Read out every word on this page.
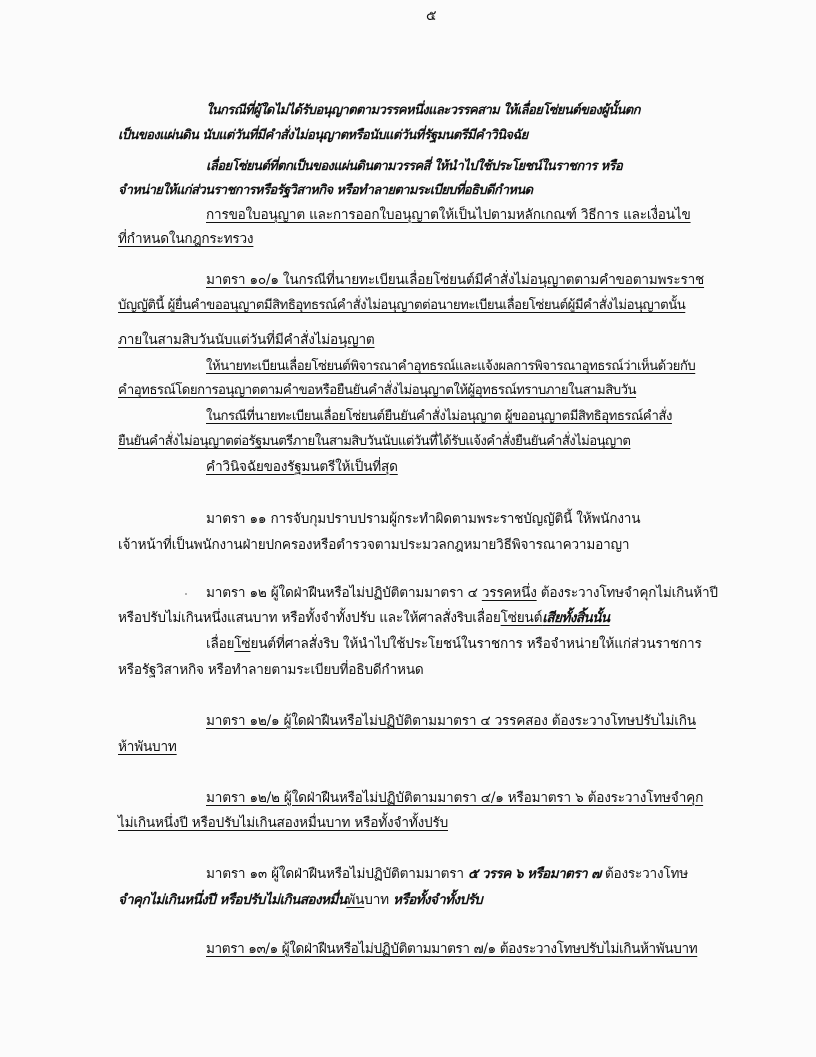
๕
ในกรณีที่ผู้ใดไม่ได้รับอนุญาตตามวรรคหนึ่งและวรรคสาม ให้เลื่อยโซ่ยนต์ของผู้นั้นตก
เป็นของแผ่นดิน นับแต่วันที่มีคำสั่งไม่อนุญาตหรือนับแต่วันที่รัฐมนตรีมีคำวินิจฉัย
เลื่อยโซ่ยนต์ที่ตกเป็นของแผ่นดินตามวรรคสี่ ให้นำไปใช้ประโยชน์ในราชการ หรือ
จำหน่ายให้แก่ส่วนราชการหรือรัฐวิสาหกิจ หรือทำลายตามระเบียบที่อธิบดีกำหนด
การขอใบอนุญาต และการออกใบอนุญาตให้เป็นไปตามหลักเกณฑ์ วิธีการ และเงื่อนไข
ที่กำหนดในกฎกระทรวง
มาตรา ๑๐/๑ ในกรณีที่นายทะเบียนเลื่อยโซ่ยนต์มีคำสั่งไม่อนุญาตตามคำขอตามพระราช
บัญญัตินี้ ผู้ยื่นคำขออนุญาตมีสิทธิอุทธรณ์คำสั่งไม่อนุญาตต่อนายทะเบียนเลื่อยโซ่ยนต์ผู้มีคำสั่งไม่อนุญาตนั้น
ภายในสามสิบวันนับแต่วันที่มีคำสั่งไม่อนุญาต
ให้นายทะเบียนเลื่อยโซ่ยนต์พิจารณาคำอุทธรณ์และแจ้งผลการพิจารณาอุทธรณ์ว่าเห็นด้วยกับ
คำอุทธรณ์โดยการอนุญาตตามคำขอหรือยืนยันคำสั่งไม่อนุญาตให้ผู้อุทธรณ์ทราบภายในสามสิบวัน
ในกรณีที่นายทะเบียนเลื่อยโซ่ยนต์ยืนยันคำสั่งไม่อนุญาต ผู้ขออนุญาตมีสิทธิอุทธรณ์คำสั่ง
ยืนยันคำสั่งไม่อนุญาตต่อรัฐมนตรีภายในสามสิบวันนับแต่วันที่ได้รับแจ้งคำสั่งยืนยันคำสั่งไม่อนุญาต
คำวินิจฉัยของรัฐมนตรีให้เป็นที่สุด
มาตรา ๑๑ การจับกุมปราบปรามผู้กระทำผิดตามพระราชบัญญัตินี้ ให้พนักงาน
เจ้าหน้าที่เป็นพนักงานฝ่ายปกครองหรือตำรวจตามประมวลกฎหมายวิธีพิจารณาความอาญา
มาตรา ๑๒ ผู้ใดฝ่าฝืนหรือไม่ปฏิบัติตามมาตรา ๔ วรรคหนึ่ง ต้องระวางโทษจำคุกไม่เกินห้าปี
หรือปรับไม่เกินหนึ่งแสนบาท หรือทั้งจำทั้งปรับ และให้ศาลสั่งริบเลื่อยโซ่ยนต์เสียทั้งสิ้นนั้น
เลื่อยโซ่ยนต์ที่ศาลสั่งริบ ให้นำไปใช้ประโยชน์ในราชการ หรือจำหน่ายให้แก่ส่วนราชการ
หรือรัฐวิสาหกิจ หรือทำลายตามระเบียบที่อธิบดีกำหนด
มาตรา ๑๒/๑ ผู้ใดฝ่าฝืนหรือไม่ปฏิบัติตามมาตรา ๔ วรรคสอง ต้องระวางโทษปรับไม่เกิน
ห้าพันบาท
มาตรา ๑๒/๒ ผู้ใดฝ่าฝืนหรือไม่ปฏิบัติตามมาตรา ๔/๑ หรือมาตรา ๖ ต้องระวางโทษจำคุก
ไม่เกินหนึ่งปี หรือปรับไม่เกินสองหมื่นบาท หรือทั้งจำทั้งปรับ
มาตรา ๑๓ ผู้ใดฝ่าฝืนหรือไม่ปฏิบัติตามมาตรา ๕ วรรค ๖ หรือมาตรา ๗ ต้องระวางโทษ
จำคุกไม่เกินหนึ่งปี หรือปรับไม่เกินสองหมื่นพันบาท หรือทั้งจำทั้งปรับ
มาตรา ๑๓/๑ ผู้ใดฝ่าฝืนหรือไม่ปฏิบัติตามมาตรา ๗/๑ ต้องระวางโทษปรับไม่เกินห้าพันบาท
